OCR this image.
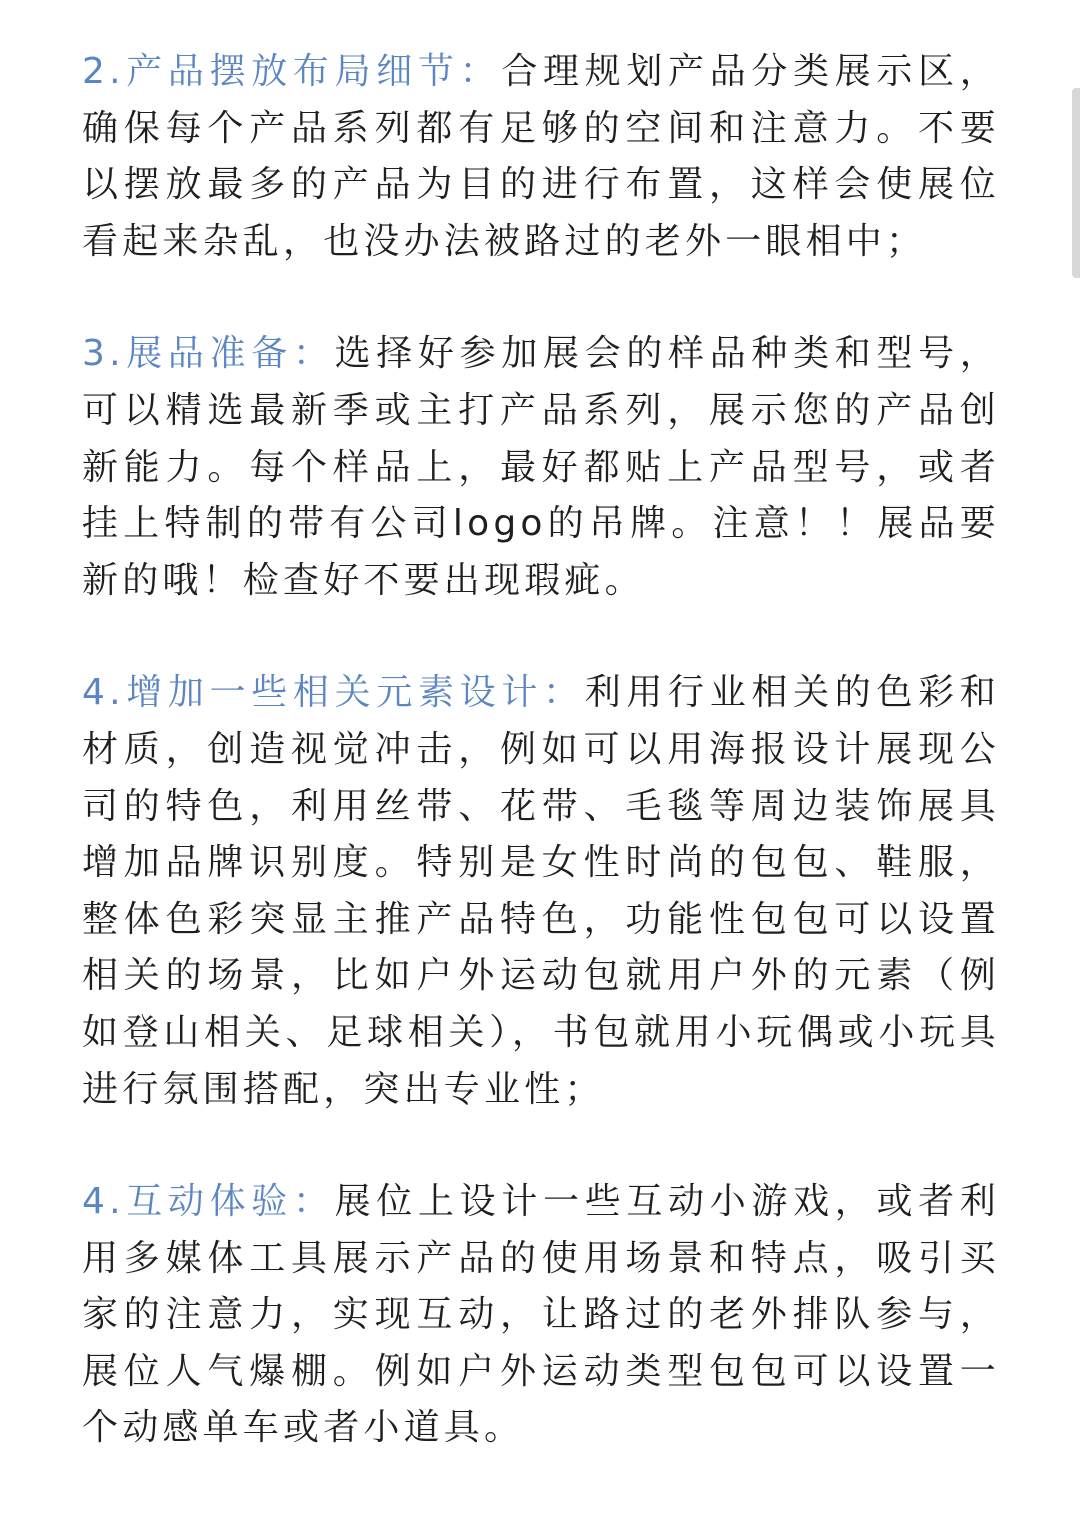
2.产品摆放布局细节：合理规划产品分类展示区，确保每个产品系列都有足够的空间和注意力。不要以摆放最多的产品为目的进行布置，这样会使展位看起来杂乱，也没办法被路过的老外一眼相中；

3.展品准备：选择好参加展会的样品种类和型号，可以精选最新季或主打产品系列，展示您的产品创新能力。每个样品上，最好都贴上产品型号，或者挂上特制的带有公司logo的吊牌。注意！！展品要新的哦！检查好不要出现瑕疵。

4.增加一些相关元素设计：利用行业相关的色彩和材质，创造视觉冲击，例如可以用海报设计展现公司的特色，利用丝带、花带、毛毯等周边装饰展具增加品牌识别度。特别是女性时尚的包包、鞋服，整体色彩突显主推产品特色，功能性包包可以设置相关的场景，比如户外运动包就用户外的元素（例如登山相关、足球相关），书包就用小玩偶或小玩具进行氛围搭配，突出专业性；

4.互动体验：展位上设计一些互动小游戏，或者利用多媒体工具展示产品的使用场景和特点，吸引买家的注意力，实现互动，让路过的老外排队参与，展位人气爆棚。例如户外运动类型包包可以设置一个动感单车或者小道具。
